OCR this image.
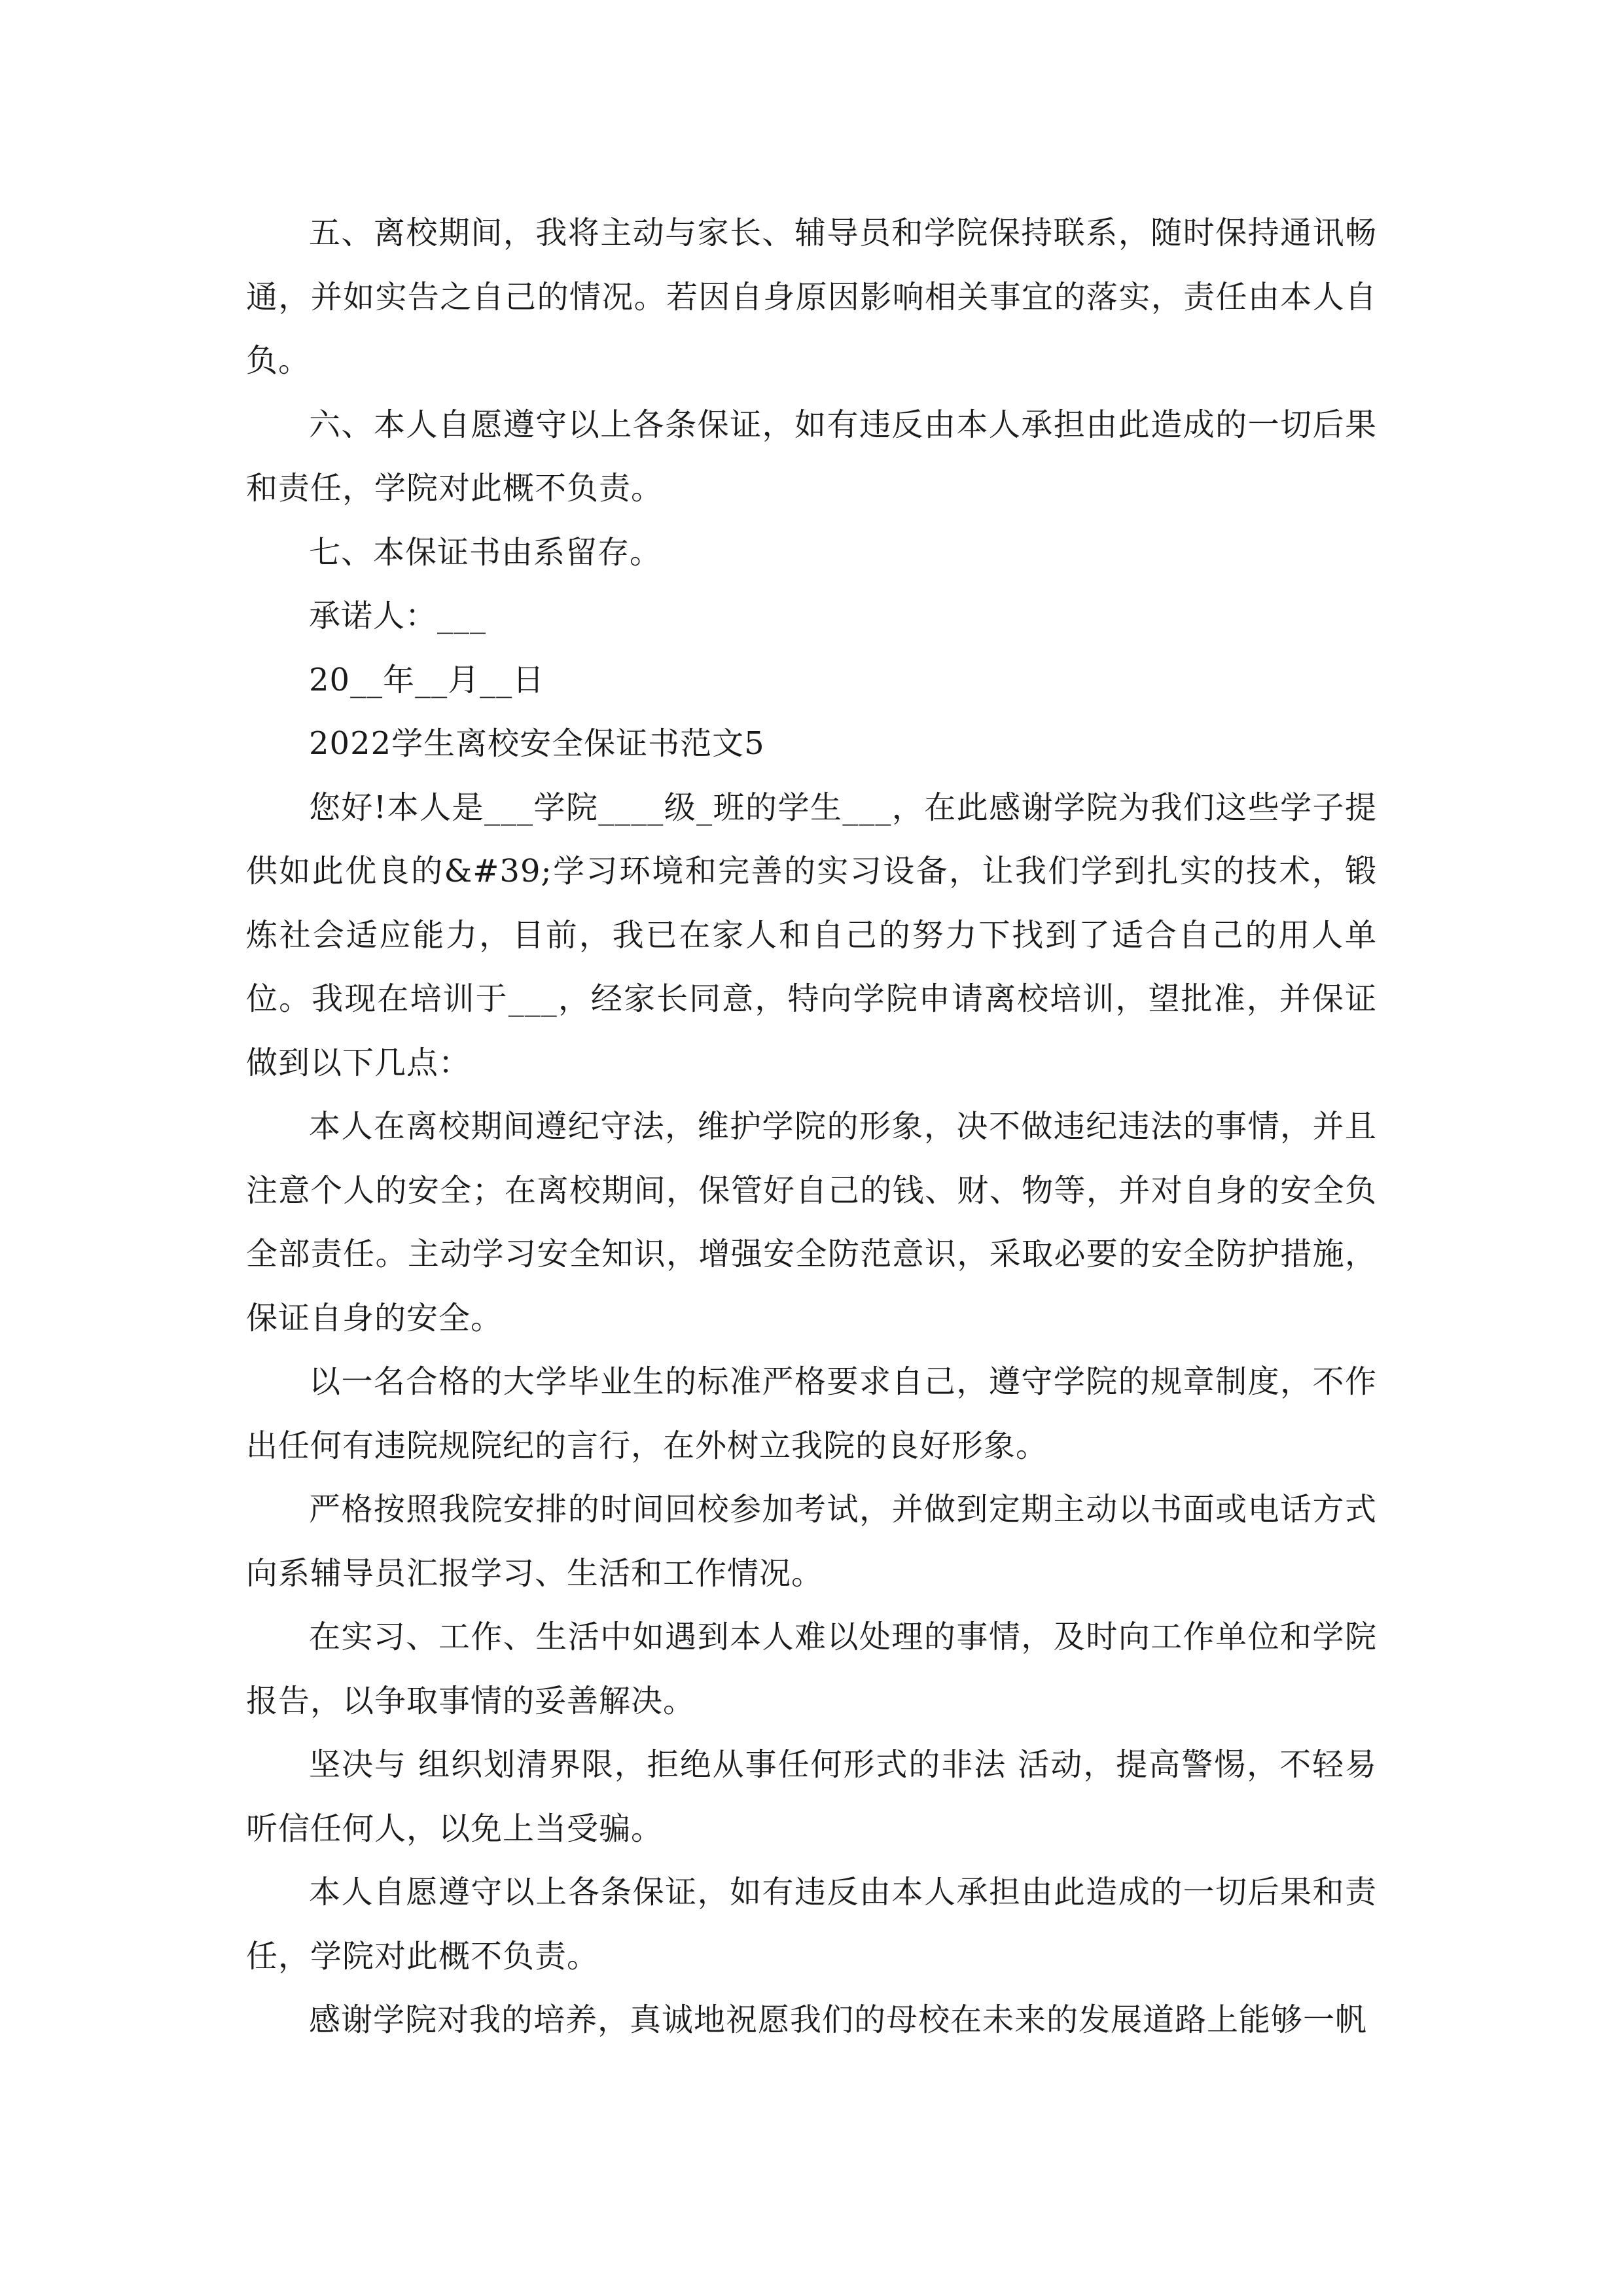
五、离校期间，我将主动与家长、辅导员和学院保持联系，随时保持通讯畅通，并如实告之自己的情况。若因自身原因影响相关事宜的落实，责任由本人自负。

六、本人自愿遵守以上各条保证，如有违反由本人承担由此造成的一切后果和责任，学院对此概不负责。

七、本保证书由系留存。

承诺人：___

20__年__月__日

2022学生离校安全保证书范文5

您好!本人是___学院____级_班的学生___，在此感谢学院为我们这些学子提供如此优良的&#39;学习环境和完善的实习设备，让我们学到扎实的技术，锻炼社会适应能力，目前，我已在家人和自己的努力下找到了适合自己的用人单位。我现在培训于___，经家长同意，特向学院申请离校培训，望批准，并保证做到以下几点：

本人在离校期间遵纪守法，维护学院的形象，决不做违纪违法的事情，并且注意个人的安全；在离校期间，保管好自己的钱、财、物等，并对自身的安全负全部责任。主动学习安全知识，增强安全防范意识，采取必要的安全防护措施，保证自身的安全。

以一名合格的大学毕业生的标准严格要求自己，遵守学院的规章制度，不作出任何有违院规院纪的言行，在外树立我院的良好形象。

严格按照我院安排的时间回校参加考试，并做到定期主动以书面或电话方式向系辅导员汇报学习、生活和工作情况。

在实习、工作、生活中如遇到本人难以处理的事情，及时向工作单位和学院报告，以争取事情的妥善解决。

坚决与 组织划清界限，拒绝从事任何形式的非法 活动，提高警惕，不轻易听信任何人，以免上当受骗。

本人自愿遵守以上各条保证，如有违反由本人承担由此造成的一切后果和责任，学院对此概不负责。

感谢学院对我的培养，真诚地祝愿我们的母校在未来的发展道路上能够一帆
